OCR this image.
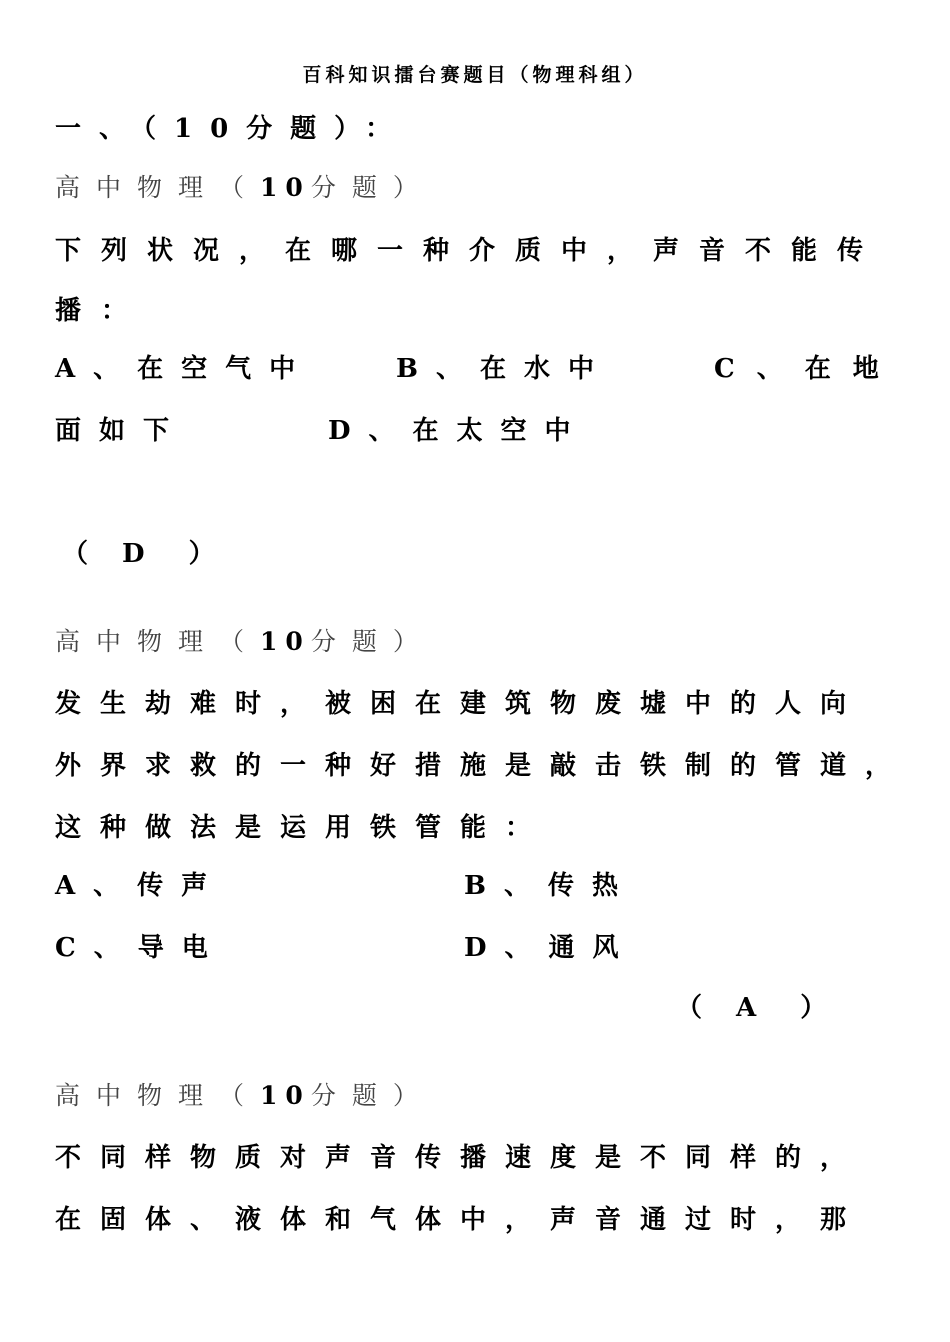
百科知识擂台赛题目（物理科组）
一、（10分题）：
高中物理（10分题）
下列状况，在哪一种介质中，声音不能传
播：
A、在空气中	B、在水中	C、在地
面如下	D、在太空中
（ D ）
高中物理（10分题）
发生劫难时，被困在建筑物废墟中的人向
外界求救的一种好措施是敲击铁制的管道，
这种做法是运用铁管能：
A、传声	B、传热
C、导电	D、通风
（ A ）
高中物理（10分题）
不同样物质对声音传播速度是不同样的，
在固体、液体和气体中，声音通过时，那
